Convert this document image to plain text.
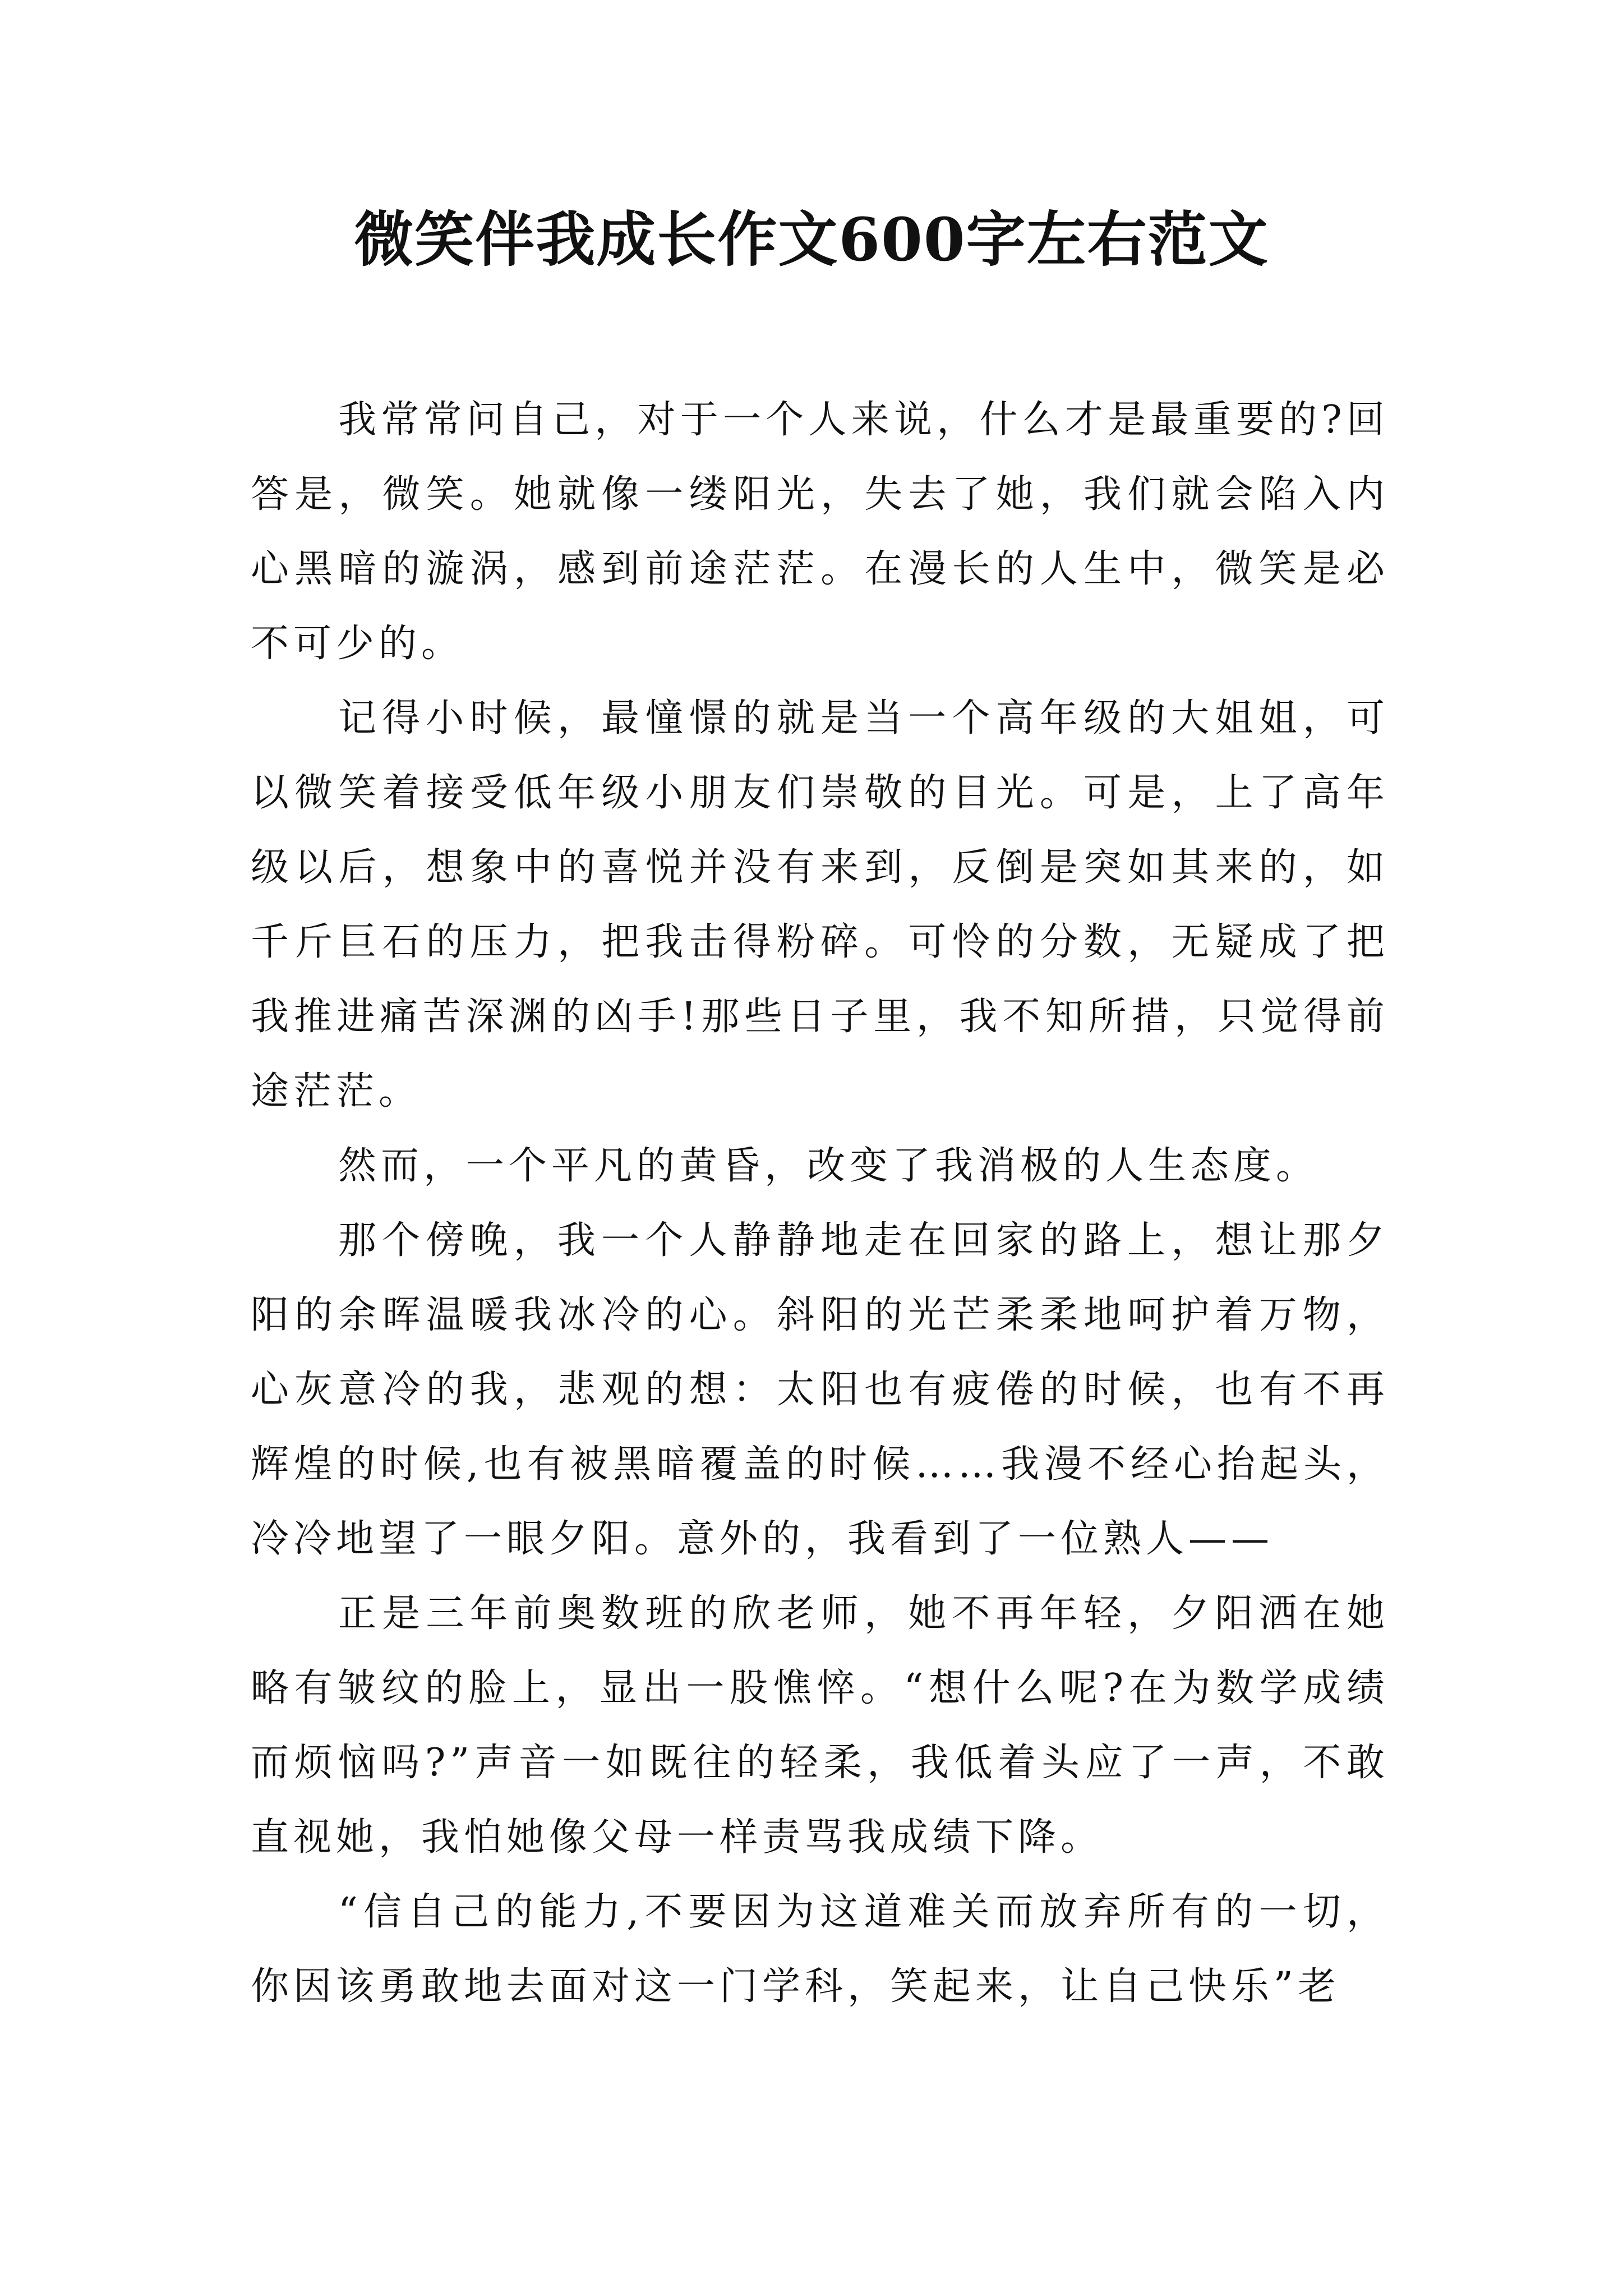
微笑伴我成长作文600字左右范文

我常常问自己，对于一个人来说，什么才是最重要的?回答是，微笑。她就像一缕阳光，失去了她，我们就会陷入内心黑暗的漩涡，感到前途茫茫。在漫长的人生中，微笑是必不可少的。

记得小时候，最憧憬的就是当一个高年级的大姐姐，可以微笑着接受低年级小朋友们崇敬的目光。可是，上了高年级以后，想象中的喜悦并没有来到，反倒是突如其来的，如千斤巨石的压力，把我击得粉碎。可怜的分数，无疑成了把我推进痛苦深渊的凶手!那些日子里，我不知所措，只觉得前途茫茫。

然而，一个平凡的黄昏，改变了我消极的人生态度。

那个傍晚，我一个人静静地走在回家的路上，想让那夕阳的余晖温暖我冰冷的心。斜阳的光芒柔柔地呵护着万物，心灰意冷的我，悲观的想：太阳也有疲倦的时候，也有不再辉煌的时候,也有被黑暗覆盖的时候……我漫不经心抬起头，冷冷地望了一眼夕阳。意外的，我看到了一位熟人——

正是三年前奥数班的欣老师，她不再年轻，夕阳洒在她略有皱纹的脸上，显出一股憔悴。“想什么呢?在为数学成绩而烦恼吗?”声音一如既往的轻柔，我低着头应了一声，不敢直视她，我怕她像父母一样责骂我成绩下降。

“信自己的能力,不要因为这道难关而放弃所有的一切，你因该勇敢地去面对这一门学科，笑起来，让自己快乐”老
